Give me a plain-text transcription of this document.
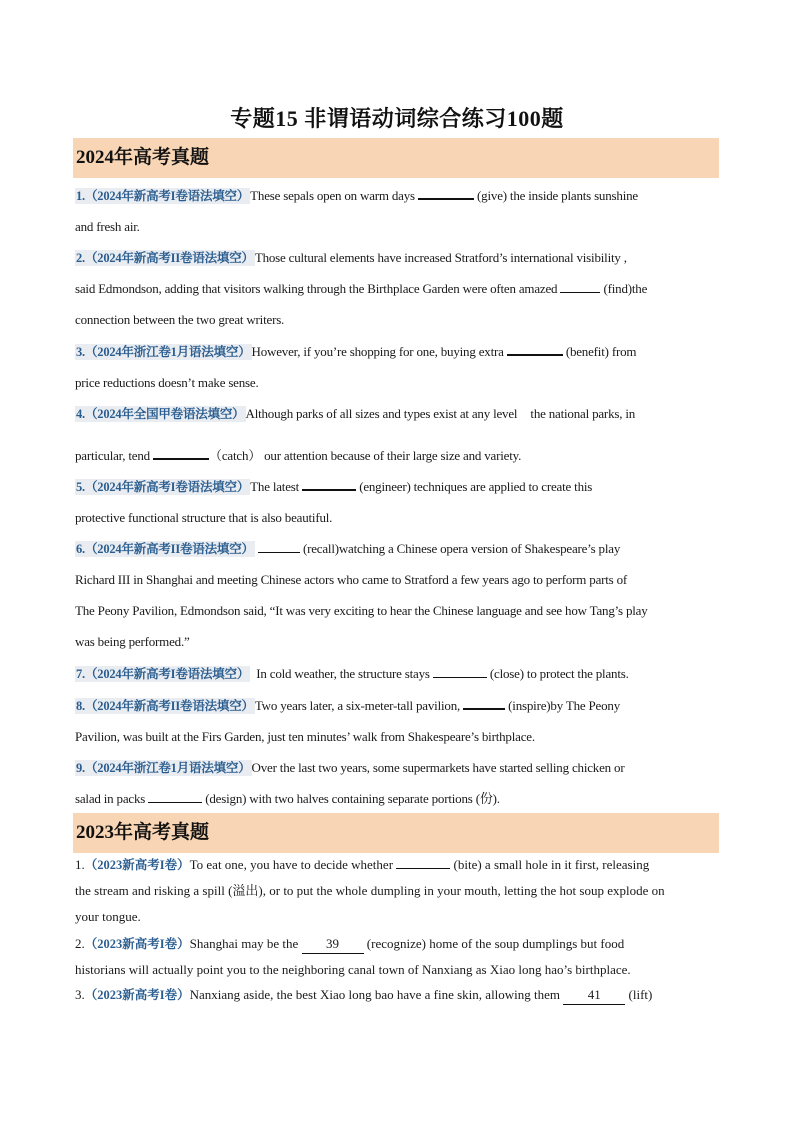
专题15 非谓语动词综合练习100题
2024年高考真题
1.（2024年新高考I卷语法填空）These sepals open on warm days	(give) the inside plants sunshine
and fresh air.
2.（2024年新高考II卷语法填空）Those cultural elements have increased Stratford’s international visibility ,
said Edmondson, adding that visitors walking through the Birthplace Garden were often amazed	(find)the
connection between the two great writers.
3.（2024年浙江卷1月语法填空）However, if you’re shopping for one, buying extra	(benefit) from
price reductions doesn’t make sense.
4.（2024年全国甲卷语法填空）Although parks of all sizes and types exist at any level the national parks, in
particular, tend	（catch） our attention because of their large size and variety.
5.（2024年新高考I卷语法填空）The latest	(engineer) techniques are applied to create this
protective functional structure that is also beautiful.
6.（2024年新高考II卷语法填空）	(recall)watching a Chinese opera version of Shakespeare’s play
Richard III in Shanghai and meeting Chinese actors who came to Stratford a few years ago to perform parts of
The Peony Pavilion, Edmondson said, “It was very exciting to hear the Chinese language and see how Tang’s play
was being performed.”
7.（2024年新高考I卷语法填空） In cold weather, the structure stays	(close) to protect the plants.
8.（2024年新高考II卷语法填空）Two years later, a six-meter-tall pavilion,	(inspire)by The Peony
Pavilion, was built at the Firs Garden, just ten minutes’ walk from Shakespeare’s birthplace.
9.（2024年浙江卷1月语法填空）Over the last two years, some supermarkets have started selling chicken or
salad in packs	(design) with two halves containing separate portions (份).
2023年高考真题
1.（2023新高考I卷）To eat one, you have to decide whether	(bite) a small hole in it first, releasing
the stream and risking a spill (溢出), or to put the whole dumpling in your mouth, letting the hot soup explode on
your tongue.
2.（2023新高考I卷）Shanghai may be the 39 (recognize) home of the soup dumplings but food
historians will actually point you to the neighboring canal town of Nanxiang as Xiao long hao’s birthplace.
3.（2023新高考I卷）Nanxiang aside, the best Xiao long bao have a fine skin, allowing them 41 (lift)
